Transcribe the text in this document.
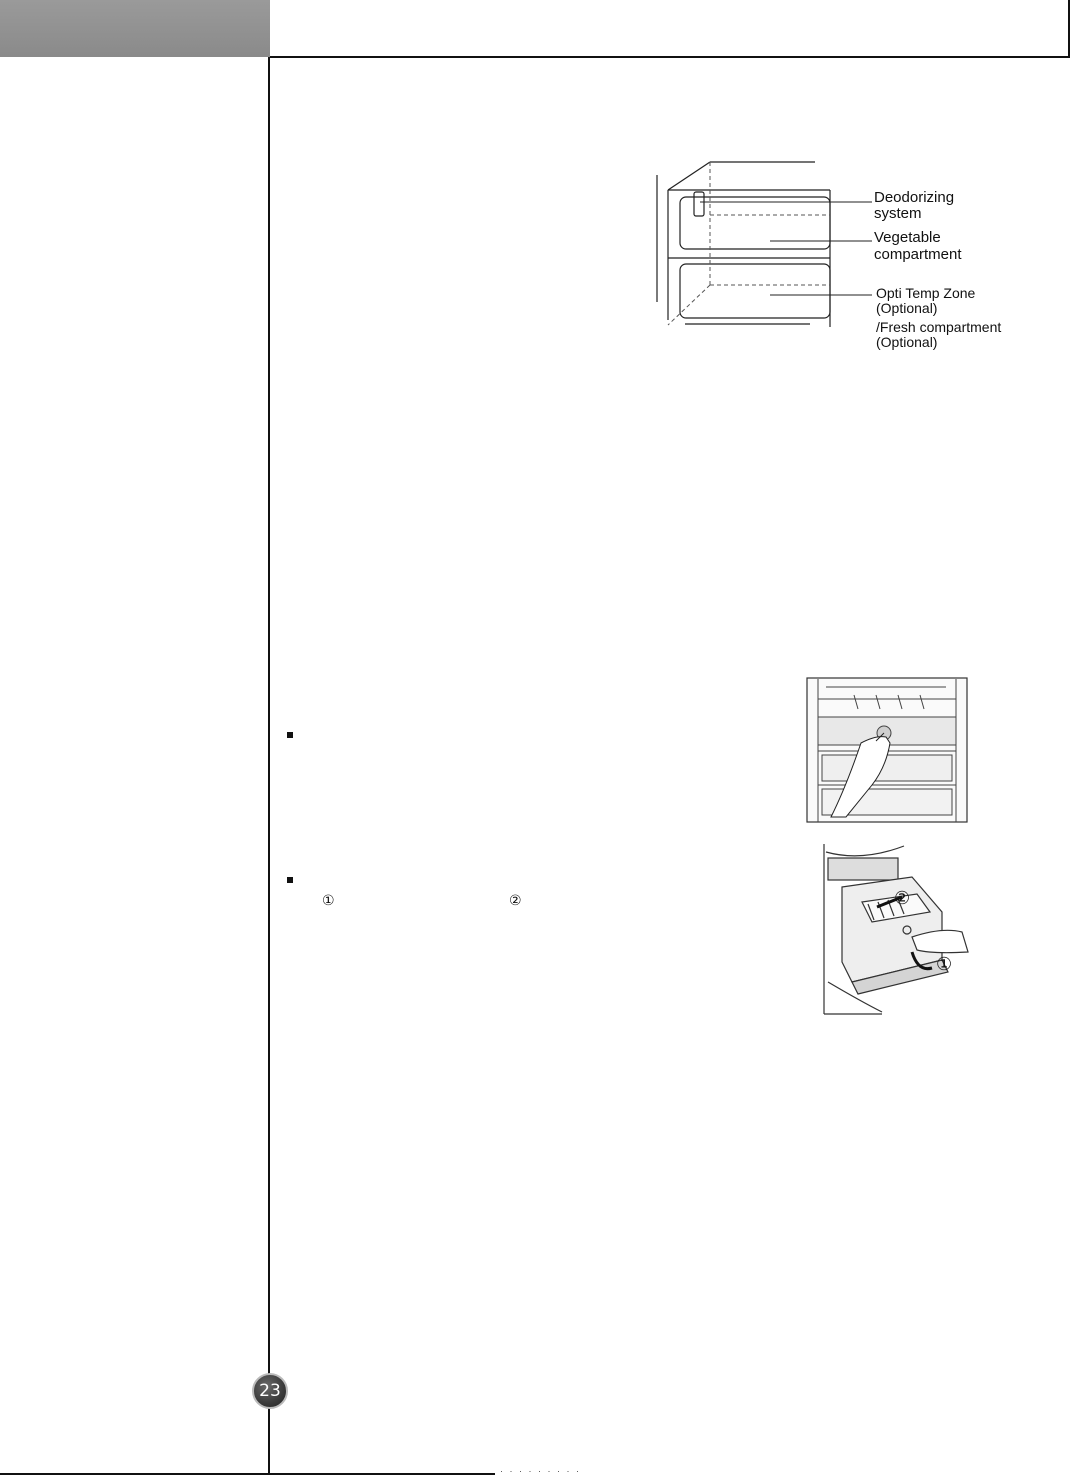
Deodorizing
system
Vegetable
compartment
Opti Temp Zone
(Optional)
/Fresh compartment
(Optional)
①	②	②
①
23
· · · · · · · · ·
